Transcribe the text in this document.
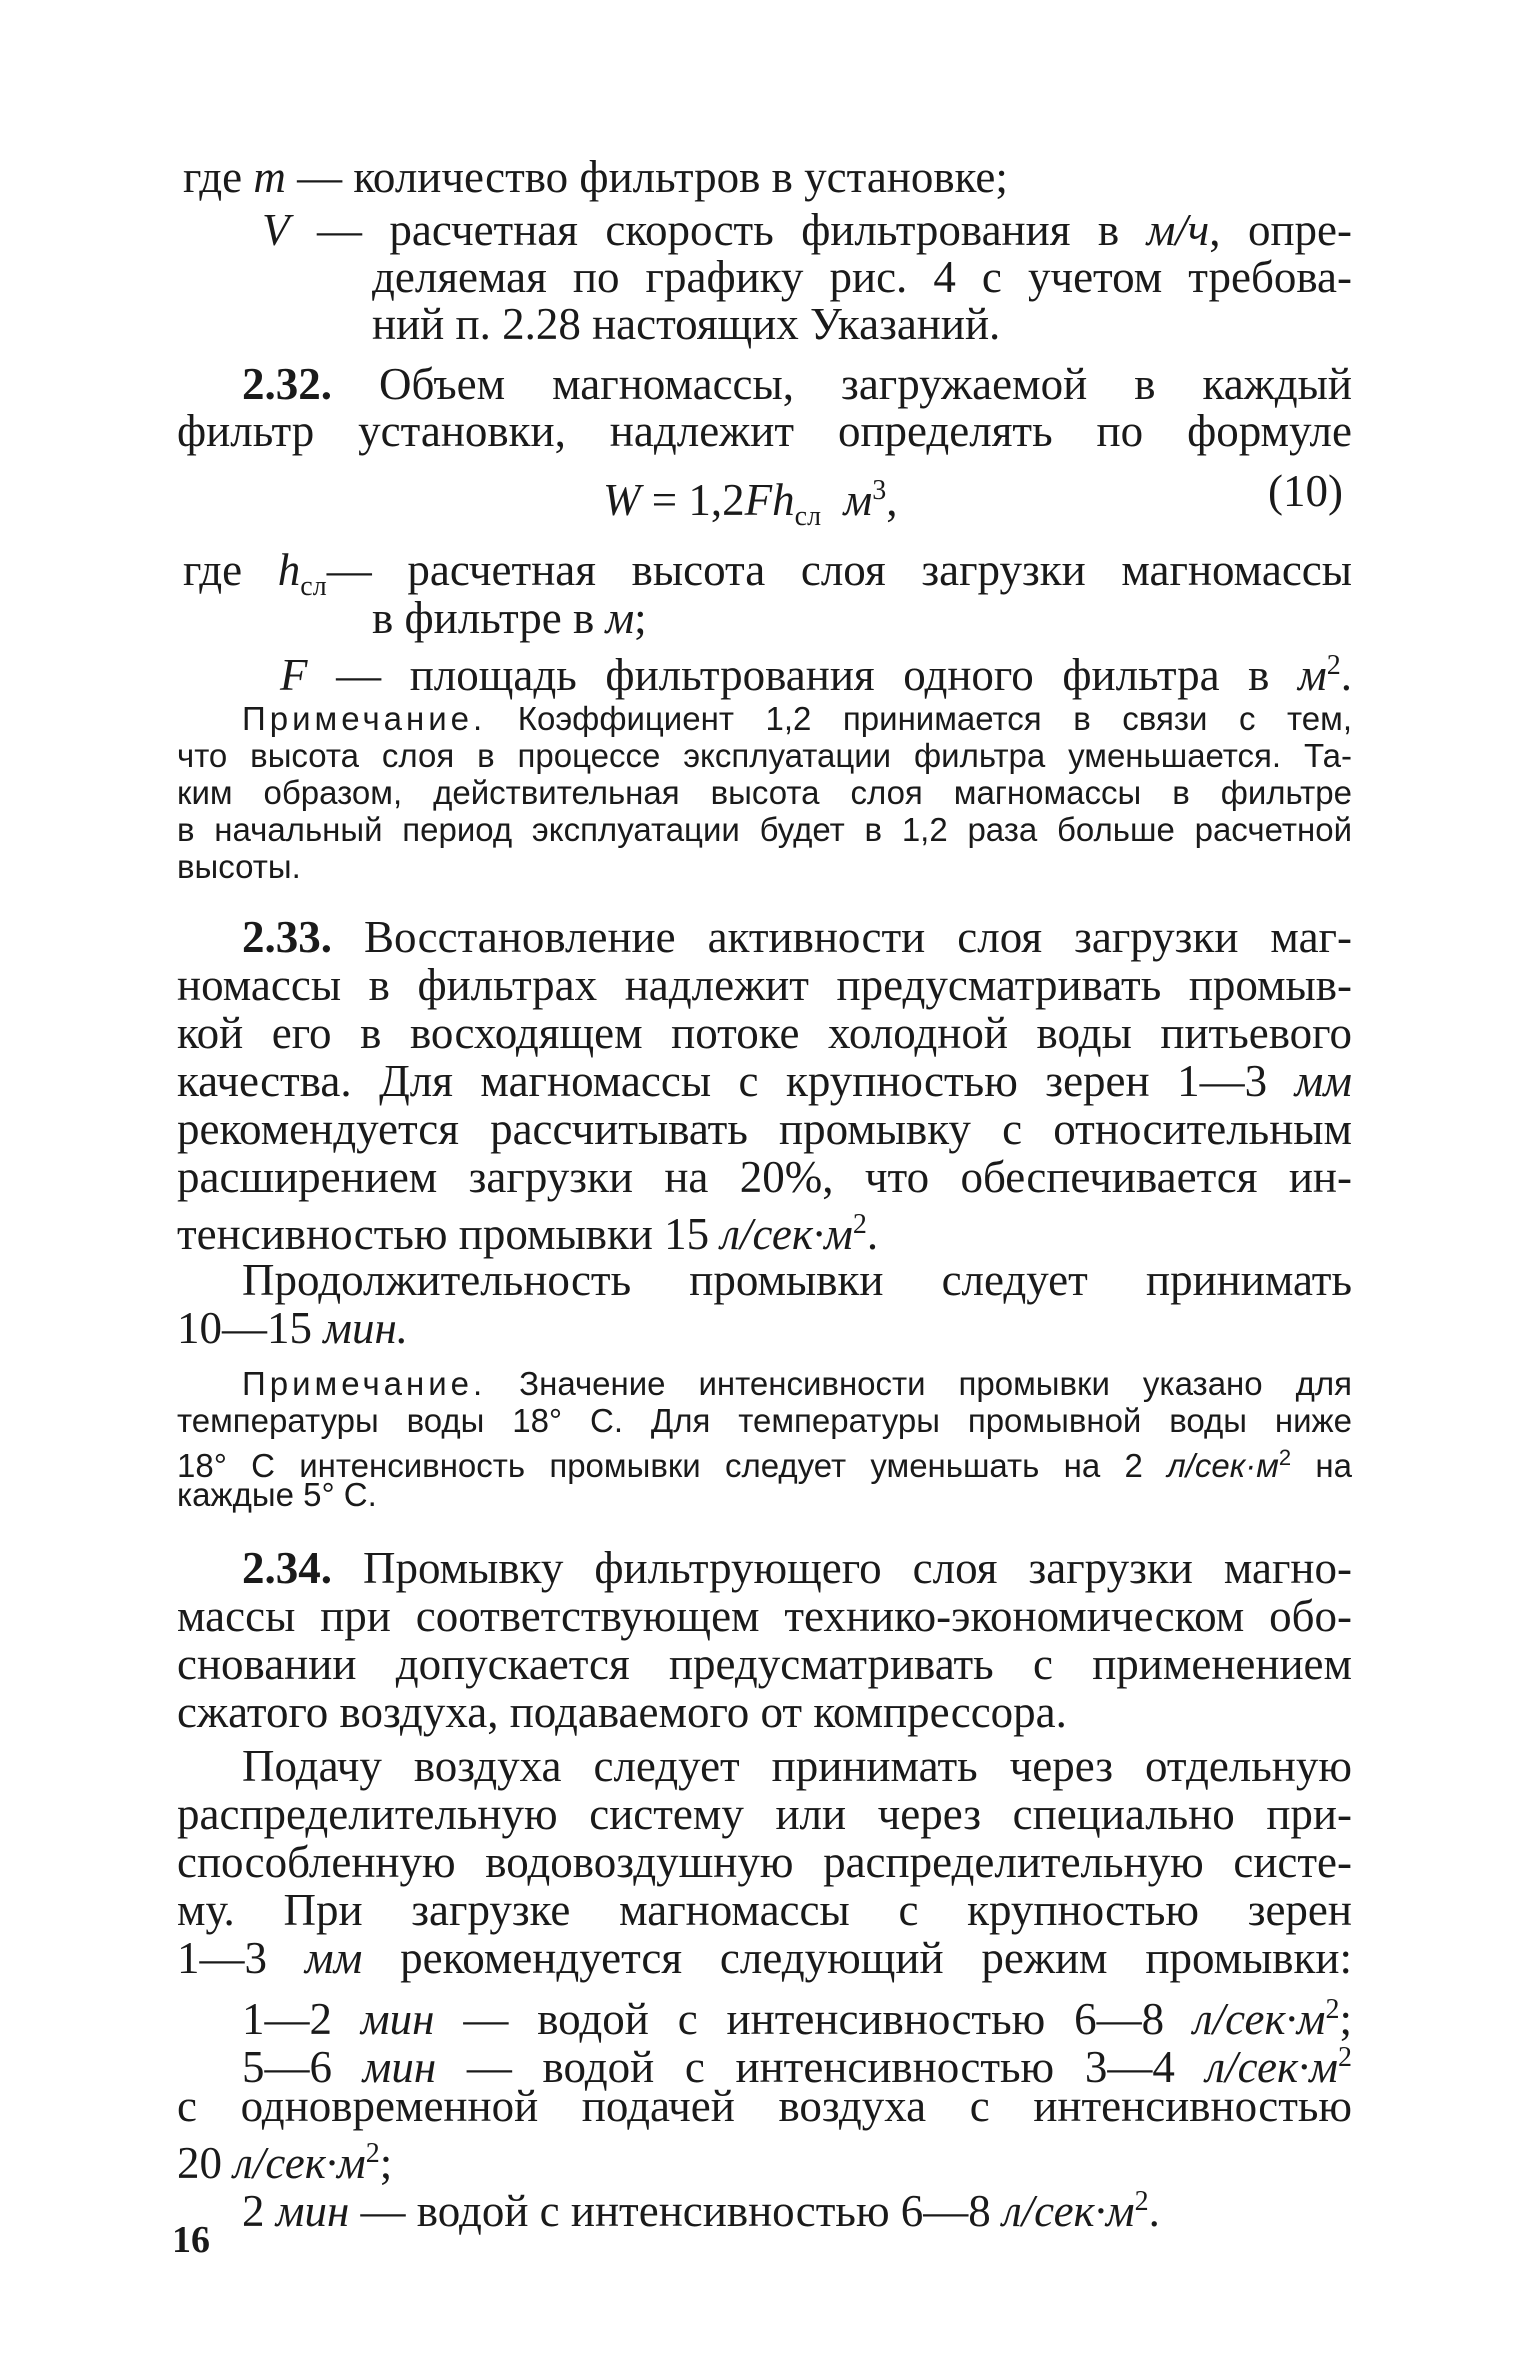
где m — количество фильтров в установке;
V — расчетная скорость фильтрования в м/ч, опре-
деляемая по графику рис. 4 с учетом требова-
ний п. 2.28 настоящих Указаний.
2.32. Объем магномассы, загружаемой в каждый
фильтр установки, надлежит определять по формуле
$W = 1,2Fh_{сл}$ $м^3$,	(10)
где $h_{сл}—$ расчетная высота слоя загрузки магномассы
в фильтре в м;
F — площадь фильтрования одного фильтра в $м^2$.
Примечание. Коэффициент 1,2 принимается в связи с тем,
что высота слоя в процессе эксплуатации фильтра уменьшается. Та-
ким образом, действительная высота слоя магномассы в фильтре
в начальный период эксплуатации будет в 1,2 раза больше расчетной
высоты.
2.33. Восстановление активности слоя загрузки маг-
номассы в фильтрах надлежит предусматривать промыв-
кой его в восходящем потоке холодной воды питьевого
качества. Для магномассы с крупностью зерен 1—3 мм
рекомендуется рассчитывать промывку с относительным
расширением загрузки на 20%, что обеспечивается ин-
тенсивностью промывки 15 $л/сек\cdot м^2$.
Продолжительность промывки следует принимать
10—15 мин.
Примечание. Значение интенсивности промывки указано для
температуры воды 18° С. Для температуры промывной воды ниже
18° С интенсивность промывки следует уменьшать на 2 $л/сек\cdot м^2$ на
каждые 5° С.
2.34. Промывку фильтрующего слоя загрузки магно-
массы при соответствующем технико-экономическом обо-
сновании допускается предусматривать с применением
сжатого воздуха, подаваемого от компрессора.
Подачу воздуха следует принимать через отдельную
распределительную систему или через специально при-
способленную водовоздушную распределительную систе-
му. При загрузке магномассы с крупностью зерен
1—3 мм рекомендуется следующий режим промывки:
1—2 мин — водой с интенсивностью 6—8 $л/сек\cdot м^2$;
5—6 мин — водой с интенсивностью 3—4 $л/сек\cdot м^2$
с одновременной подачей воздуха с интенсивностью
20 $л/сек\cdot м^2$;
2 мин — водой с интенсивностью 6—8 $л/сек\cdot м^2$.
16
